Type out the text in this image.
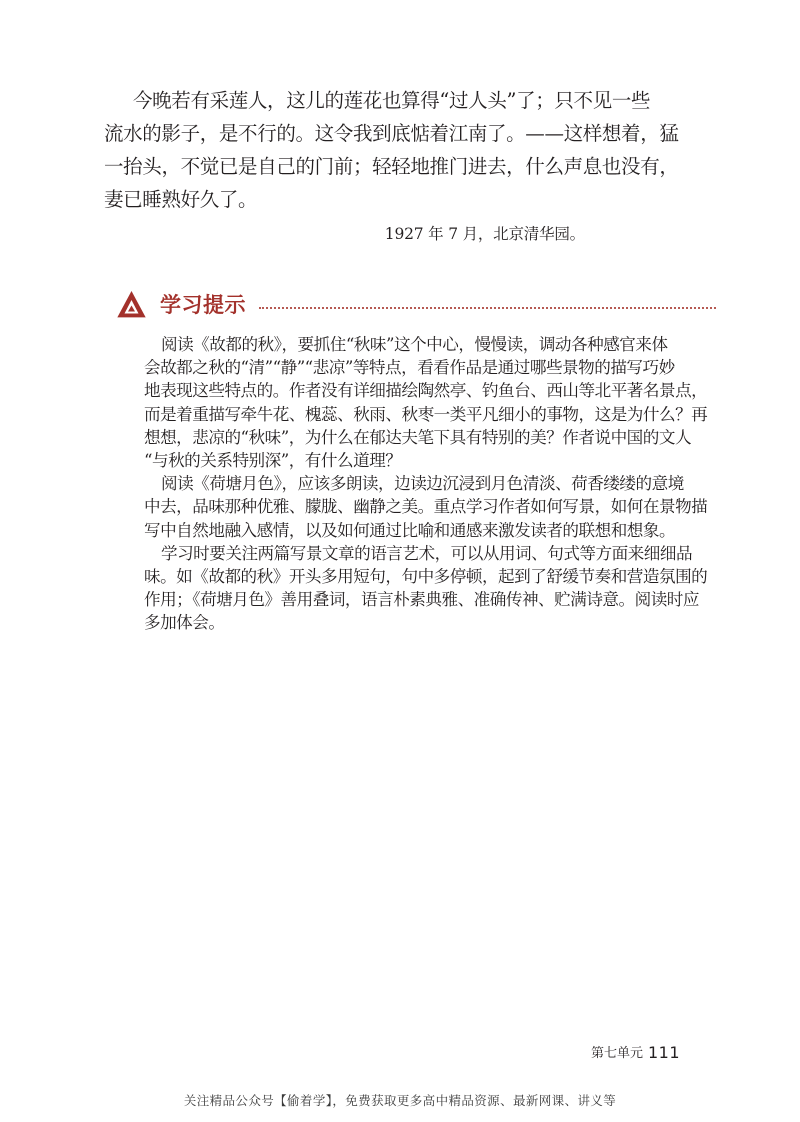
今晚若有采莲人，这儿的莲花也算得“过人头”了；只不见一些
流水的影子，是不行的。这令我到底惦着江南了。——这样想着，猛
一抬头，不觉已是自己的门前；轻轻地推门进去，什么声息也没有，
妻已睡熟好久了。

1927 年 7 月，北京清华园。

学习提示
阅读《故都的秋》，要抓住“秋味”这个中心，慢慢读，调动各种感官来体
会故都之秋的“清”“静”“悲凉”等特点，看看作品是通过哪些景物的描写巧妙
地表现这些特点的。作者没有详细描绘陶然亭、钓鱼台、西山等北平著名景点，
而是着重描写牵牛花、槐蕊、秋雨、秋枣一类平凡细小的事物，这是为什么？再
想想，悲凉的“秋味”，为什么在郁达夫笔下具有特别的美？作者说中国的文人
“与秋的关系特别深”，有什么道理？
阅读《荷塘月色》，应该多朗读，边读边沉浸到月色清淡、荷香缕缕的意境
中去，品味那种优雅、朦胧、幽静之美。重点学习作者如何写景，如何在景物描
写中自然地融入感情，以及如何通过比喻和通感来激发读者的联想和想象。
学习时要关注两篇写景文章的语言艺术，可以从用词、句式等方面来细细品
味。如《故都的秋》开头多用短句，句中多停顿，起到了舒缓节奏和营造氛围的
作用；《荷塘月色》善用叠词，语言朴素典雅、准确传神、贮满诗意。阅读时应
多加体会。

第七单元 111

关注精品公众号【偷着学】，免费获取更多高中精品资源、最新网课、讲义等
